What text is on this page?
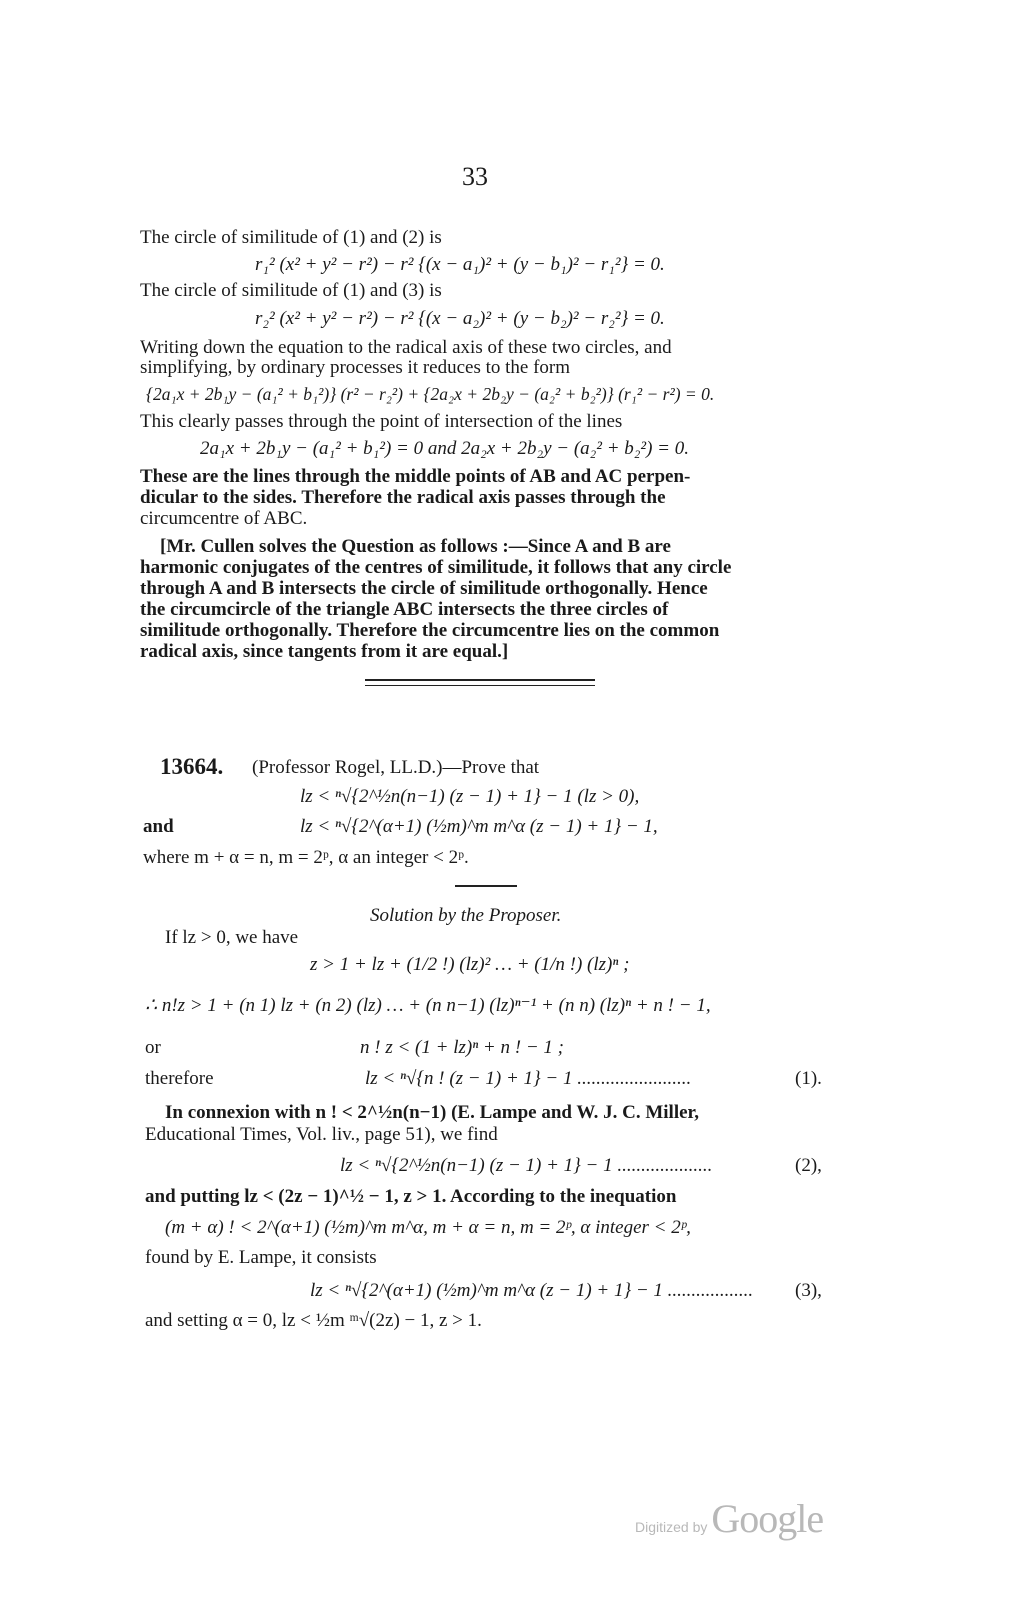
33
The circle of similitude of (1) and (2) is
r₁² (x² + y² − r²) − r² {(x − a₁)² + (y − b₁)² − r₁²} = 0.
The circle of similitude of (1) and (3) is
r₂² (x² + y² − r²) − r² {(x − a₂)² + (y − b₂)² − r₂²} = 0.
Writing down the equation to the radical axis of these two circles, and
simplifying, by ordinary processes it reduces to the form
{2a₁x + 2b₁y − (a₁² + b₁²)} (r² − r₂²) + {2a₂x + 2b₂y − (a₂² + b₂²)} (r₁² − r²) = 0.
This clearly passes through the point of intersection of the lines
2a₁x + 2b₁y − (a₁² + b₁²) = 0 and 2a₂x + 2b₂y − (a₂² + b₂²) = 0.
These are the lines through the middle points of AB and AC perpen-
dicular to the sides. Therefore the radical axis passes through the
circumcentre of ABC.
[Mr. Cullen solves the Question as follows :—Since A and B are
harmonic conjugates of the centres of similitude, it follows that any circle
through A and B intersects the circle of similitude orthogonally. Hence
the circumcircle of the triangle ABC intersects the three circles of
similitude orthogonally. Therefore the circumcentre lies on the common
radical axis, since tangents from it are equal.]
13664. (Professor Rogel, LL.D.)—Prove that
lz < ⁿ√{2^½n(n−1) (z − 1) + 1} − 1 (lz > 0),
and	lz < ⁿ√{2^(α+1) (½m)^m m^α (z − 1) + 1} − 1,
where m + α = n, m = 2ᵖ, α an integer < 2ᵖ.
Solution by the Proposer.
If lz > 0, we have
z > 1 + lz + (1/2 !) (lz)² … + (1/n !) (lz)ⁿ ;
∴ n!z > 1 + (n 1) lz + (n 2) (lz) … + (n n−1) (lz)ⁿ⁻¹ + (n n) (lz)ⁿ + n ! − 1,
or	n ! z < (1 + lz)ⁿ + n ! − 1 ;
therefore	lz < ⁿ√{n ! (z − 1) + 1} − 1 ........................	(1).
In connexion with n ! < 2^½n(n−1) (E. Lampe and W. J. C. Miller,
Educational Times, Vol. liv., page 51), we find
lz < ⁿ√{2^½n(n−1) (z − 1) + 1} − 1 ....................	(2),
and putting lz < (2z − 1)^½ − 1, z > 1. According to the inequation
(m + α) ! < 2^(α+1) (½m)^m m^α, m + α = n, m = 2ᵖ, α integer < 2ᵖ,
found by E. Lampe, it consists
lz < ⁿ√{2^(α+1) (½m)^m m^α (z − 1) + 1} − 1 .................. (3),
and setting α = 0, lz < ½m ᵐ√(2z) − 1, z > 1.
Digitized by Google
